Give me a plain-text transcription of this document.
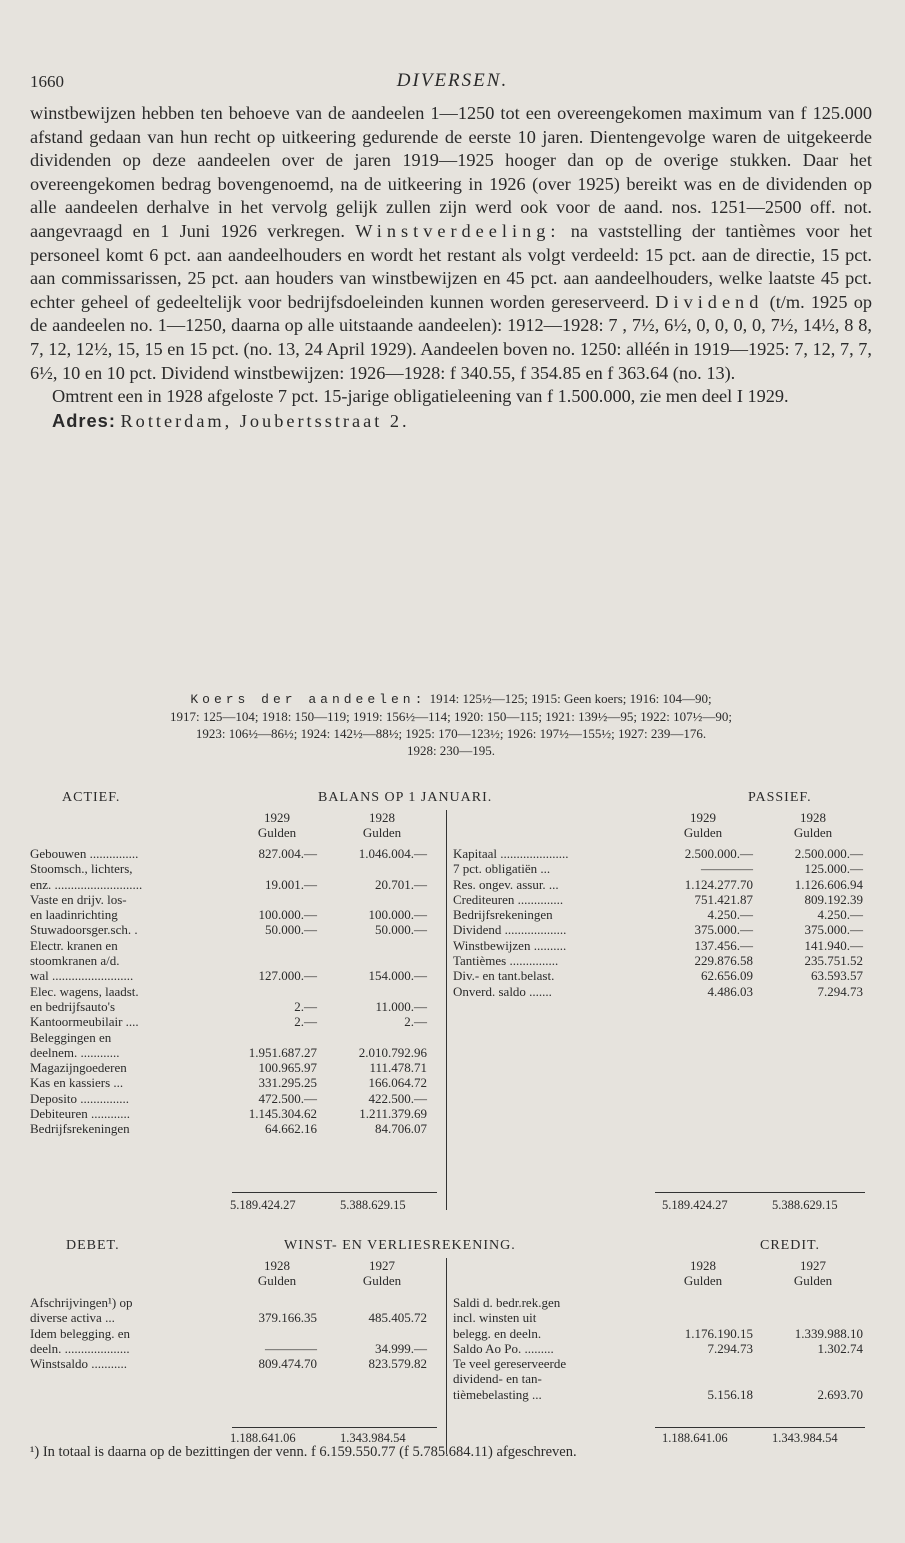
1660	DIVERSEN.

winstbewijzen hebben ten behoeve van de aandeelen 1—1250 tot een overeengekomen maximum van f 125.000 afstand gedaan van hun recht op uitkeering gedurende de eerste 10 jaren. Dientengevolge waren de uitgekeerde dividenden op deze aandeelen over de jaren 1919—1925 hooger dan op de overige stukken. Daar het overeengekomen bedrag bovengenoemd, na de uitkeering in 1926 (over 1925) bereikt was en de dividenden op alle aandeelen derhalve in het vervolg gelijk zullen zijn werd ook voor de aand. nos. 1251—2500 off. not. aangevraagd en 1 Juni 1926 verkregen. Winstverdeeling: na vaststelling der tantièmes voor het personeel komt 6 pct. aan aandeelhouders en wordt het restant als volgt verdeeld: 15 pct. aan de directie, 15 pct. aan commissarissen, 25 pct. aan houders van winstbewijzen en 45 pct. aan aandeelhouders, welke laatste 45 pct. echter geheel of gedeeltelijk voor bedrijfsdoeleinden kunnen worden gereserveerd. Dividend (t/m. 1925 op de aandeelen no. 1—1250, daarna op alle uitstaande aandeelen): 1912—1928: 7 , 7½, 6½, 0, 0, 0, 0, 7½, 14½, 8 8, 7, 12, 12½, 15, 15 en 15 pct. (no. 13, 24 April 1929). Aandeelen boven no. 1250: alléén in 1919—1925: 7, 12, 7, 7, 6½, 10 en 10 pct. Dividend winstbewijzen: 1926—1928: f 340.55, f 354.85 en f 363.64 (no. 13).

Omtrent een in 1928 afgeloste 7 pct. 15-jarige obligatieleening van f 1.500.000, zie men deel I 1929.

Adres: Rotterdam, Joubertsstraat 2.

Koers der aandeelen: 1914: 125½—125; 1915: Geen koers; 1916: 104—90;
1917: 125—104; 1918: 150—119; 1919: 156½—114; 1920: 150—115; 1921: 139½—95; 1922: 107½—90;
1923: 106½—86½; 1924: 142½—88½; 1925: 170—123½; 1926: 197½—155½; 1927: 239—176.
1928: 230—195.
ACTIEF.	BALANS OP 1 JANUARI.	PASSIEF.
1929	1928
Gulden	Gulden
Gebouwen ...............	827.004.—	1.046.004.—
Stoomsch., lichters,
enz. ...........................	19.001.—	20.701.—
Vaste en drijv. los-
en laadinrichting	100.000.—	100.000.—
Stuwadoorsger.sch. .	50.000.—	50.000.—
Electr. kranen en
stoomkranen a/d.
wal .........................	127.000.—	154.000.—
Elec. wagens, laadst.
en bedrijfsauto's	2.—	11.000.—
Kantoormeubilair ....	2.—	2.—
Beleggingen en
deelnem. ............	1.951.687.27	2.010.792.96
Magazijngoederen	100.965.97	111.478.71
Kas en kassiers ...	331.295.25	166.064.72
Deposito ...............	472.500.—	422.500.—
Debiteuren ............	1.145.304.62	1.211.379.69
Bedrijfsrekeningen	64.662.16	84.706.07
1929	1928
Gulden	Gulden
Kapitaal .....................	2.500.000.—	2.500.000.—
7 pct. obligatiën ...	————	125.000.—
Res. ongev. assur. ...	1.124.277.70	1.126.606.94
Crediteuren ..............	751.421.87	809.192.39
Bedrijfsrekeningen	4.250.—	4.250.—
Dividend ...................	375.000.—	375.000.—
Winstbewijzen ..........	137.456.—	141.940.—
Tantièmes ...............	229.876.58	235.751.52
Div.- en tant.belast.	62.656.09	63.593.57
Onverd. saldo .......	4.486.03	7.294.73
5.189.424.27	5.388.629.15	5.189.424.27	5.388.629.15
DEBET.	WINST- EN VERLIESREKENING.	CREDIT.
1928	1927
Gulden	Gulden
Afschrijvingen¹) op
diverse activa ...	379.166.35	485.405.72
Idem belegging. en
deeln. ....................	————	34.999.—
Winstsaldo ...........	809.474.70	823.579.82
1928	1927
Gulden	Gulden
Saldi d. bedr.rek.gen
incl. winsten uit
belegg. en deeln.	1.176.190.15	1.339.988.10
Saldo Ao Po. .........	7.294.73	1.302.74
Te veel gereserveerde
dividend- en tan-
tièmebelasting ...	5.156.18	2.693.70
1.188.641.06	1.343.984.54	1.188.641.06	1.343.984.54
¹) In totaal is daarna op de bezittingen der venn. f 6.159.550.77 (f 5.785.684.11) afgeschreven.
